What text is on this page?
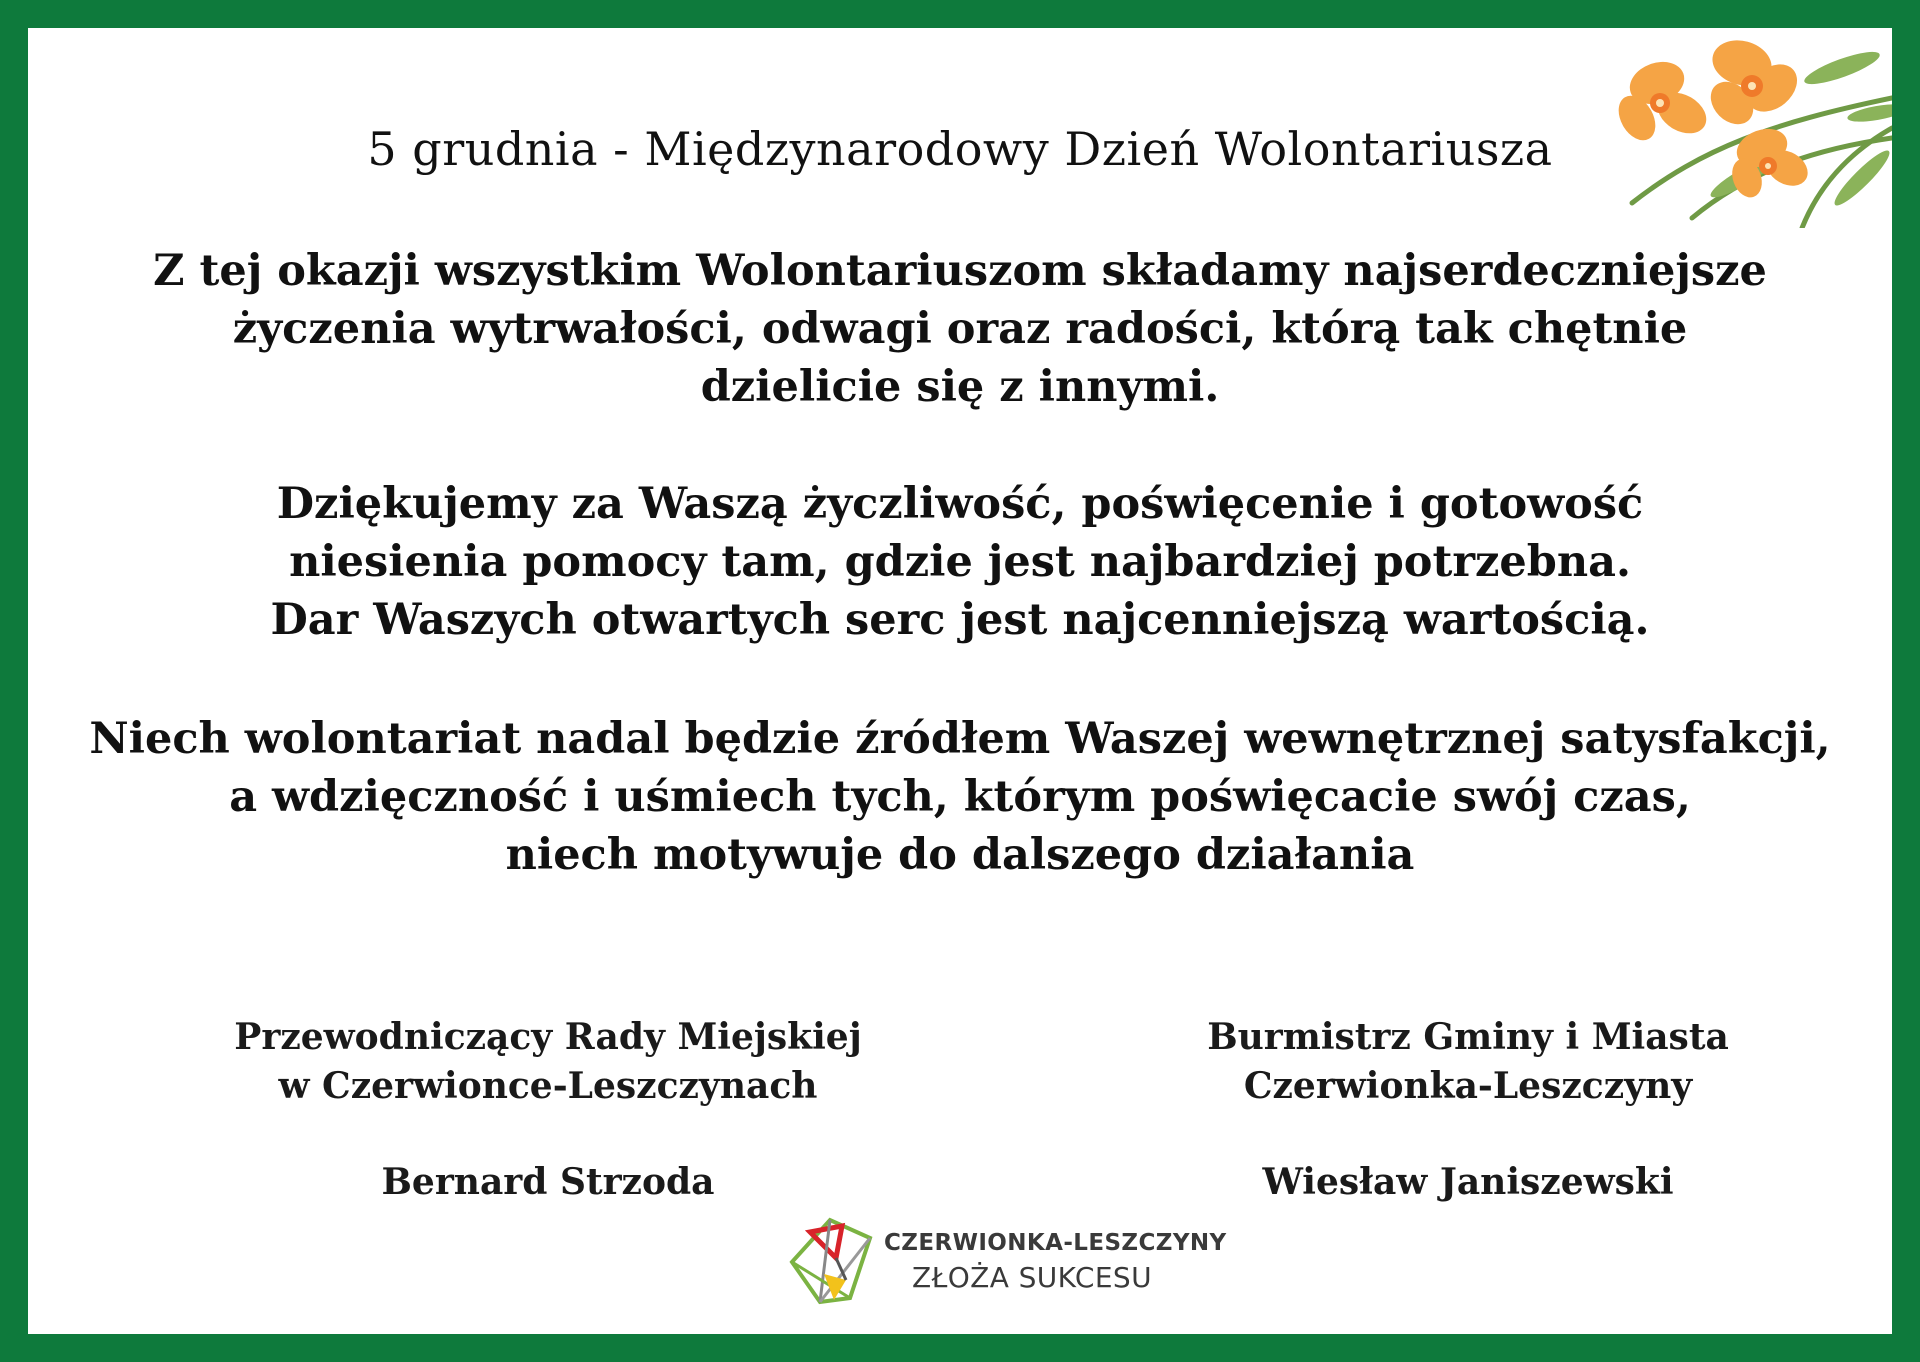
5 grudnia - Międzynarodowy Dzień Wolontariusza
Z tej okazji wszystkim Wolontariuszom składamy najserdeczniejsze
życzenia wytrwałości, odwagi oraz radości, którą tak chętnie
dzielicie się z innymi.
Dziękujemy za Waszą życzliwość, poświęcenie i gotowość
niesienia pomocy tam, gdzie jest najbardziej potrzebna.
Dar Waszych otwartych serc jest najcenniejszą wartością.
Niech wolontariat nadal będzie źródłem Waszej wewnętrznej satysfakcji,
a wdzięczność i uśmiech tych, którym poświęcacie swój czas,
niech motywuje do dalszego działania
Przewodniczący Rady Miejskiej
w Czerwionce-Leszczynach
Bernard Strzoda
Burmistrz Gminy i Miasta
Czerwionka-Leszczyny
Wiesław Janiszewski
CZERWIONKA-LESZCZYNY
ZŁOŻA SUKCESU
